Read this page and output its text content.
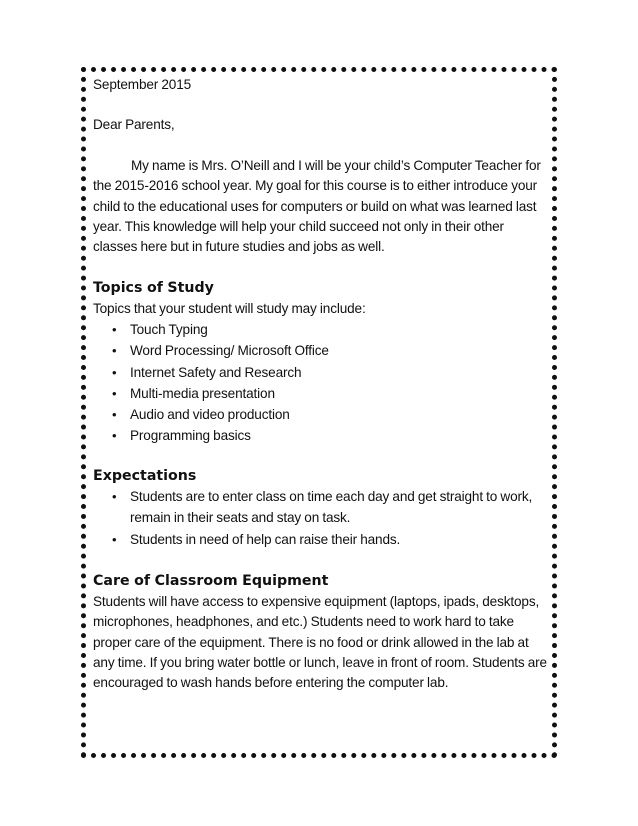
September 2015

Dear Parents,

My name is Mrs. O’Neill and I will be your child’s Computer Teacher for the 2015-2016 school year. My goal for this course is to either introduce your child to the educational uses for computers or build on what was learned last year. This knowledge will help your child succeed not only in their other classes here but in future studies and jobs as well.

Topics of Study

Topics that your student will study may include:

• Touch Typing
• Word Processing/ Microsoft Office
• Internet Safety and Research
• Multi-media presentation
• Audio and video production
• Programming basics
Expectations
• Students are to enter class on time each day and get straight to work, remain in their seats and stay on task.
• Students in need of help can raise their hands.
Care of Classroom Equipment

Students will have access to expensive equipment (laptops, ipads, desktops, microphones, headphones, and etc.) Students need to work hard to take proper care of the equipment. There is no food or drink allowed in the lab at any time. If you bring water bottle or lunch, leave in front of room. Students are encouraged to wash hands before entering the computer lab.
